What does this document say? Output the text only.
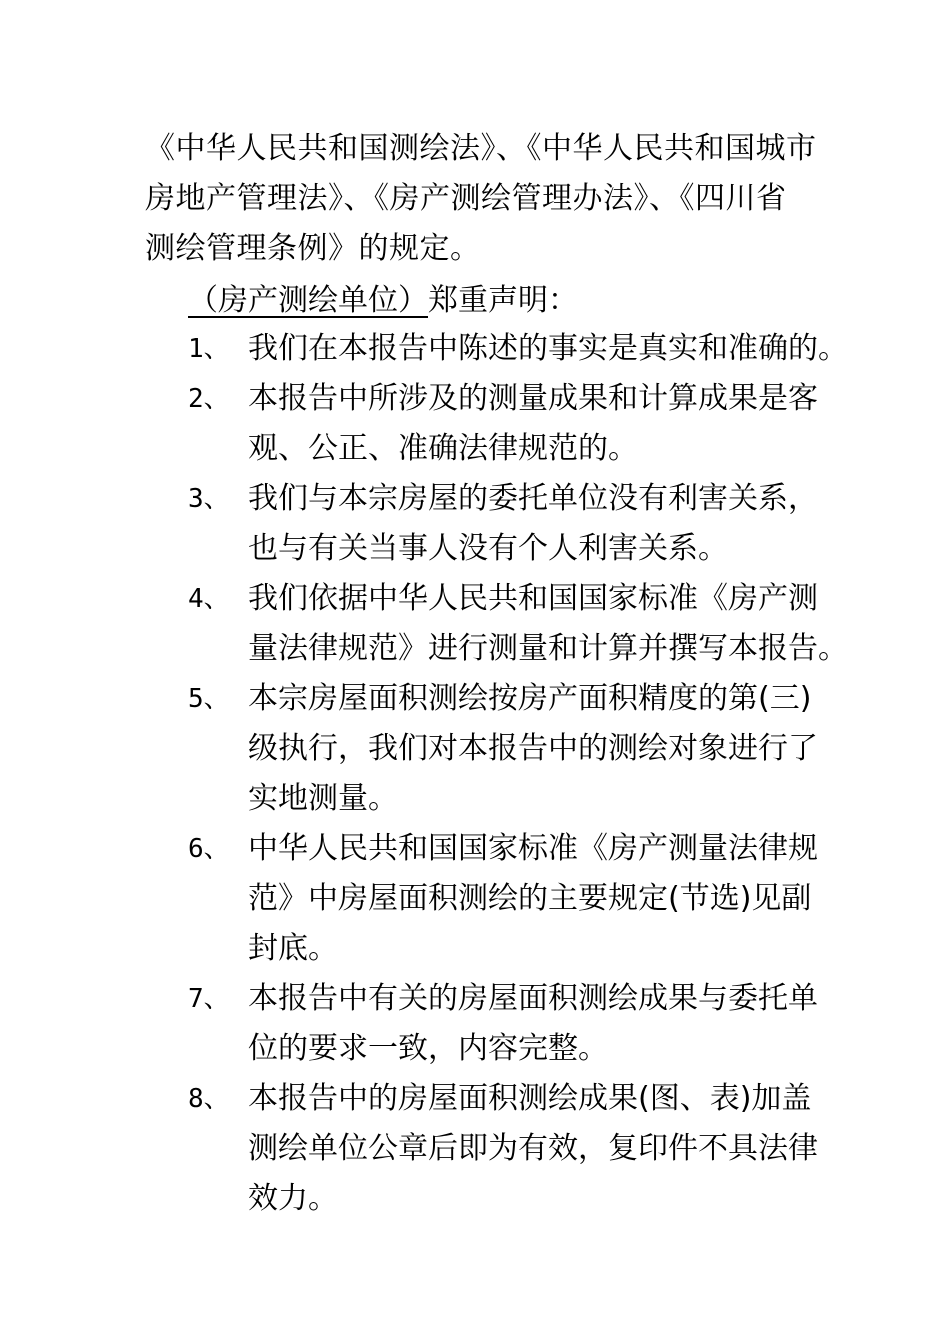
《中华人民共和国测绘法》、《中华人民共和国城市
房地产管理法》、《房产测绘管理办法》、《四川省
测绘管理条例》的规定。
（房产测绘单位）郑重声明：
1、 我们在本报告中陈述的事实是真实和准确的。
2、 本报告中所涉及的测量成果和计算成果是客
观、公正、准确法律规范的。
3、 我们与本宗房屋的委托单位没有利害关系，
也与有关当事人没有个人利害关系。
4、 我们依据中华人民共和国国家标准《房产测
量法律规范》进行测量和计算并撰写本报告。
5、 本宗房屋面积测绘按房产面积精度的第(三)
级执行，我们对本报告中的测绘对象进行了
实地测量。
6、 中华人民共和国国家标准《房产测量法律规
范》中房屋面积测绘的主要规定(节选)见副
封底。
7、 本报告中有关的房屋面积测绘成果与委托单
位的要求一致，内容完整。
8、 本报告中的房屋面积测绘成果(图、表)加盖
测绘单位公章后即为有效，复印件不具法律
效力。
